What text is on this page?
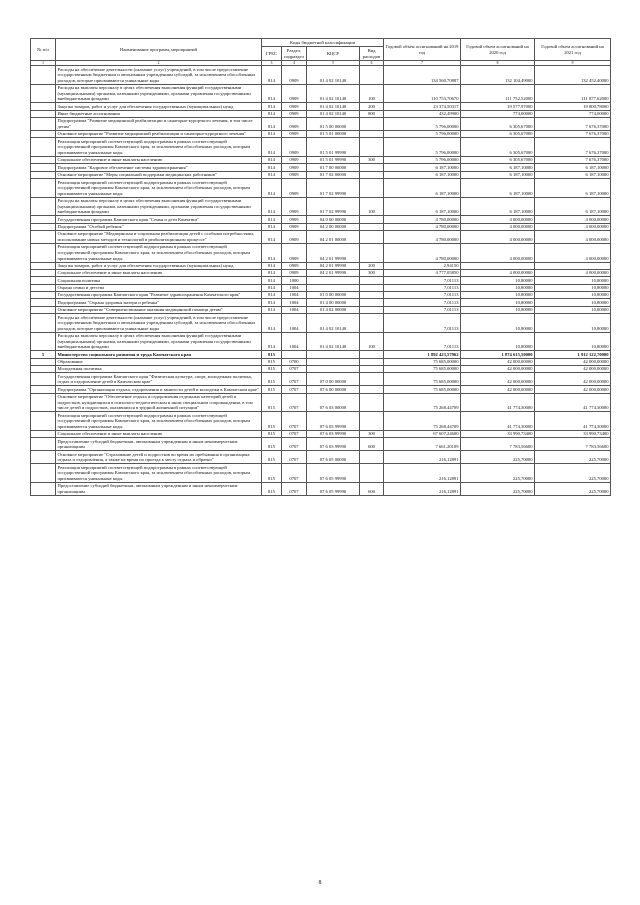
№ п/п	Наименование программ, мероприятий	Коды бюджетной классификации				Годовой объем ассигнований на 2019 год	Годовой объем ассигнований на 2020 год	Годовой объем ассигнований на 2021 год
		ГРБС	Раздел, подраздел	КЦСР	Вид расходов			
1	2	3	4	5	6	7	8	9
	Расходы на обеспечение деятельности (оказание услуг) учреждений, в том числе предоставление государственным бюджетным и автономным учреждениям субсидий, за исключением обособленных расходов, которые присваиваются уникальные коды	814	0909	01 4 02 10140		134 560,70887	132 104,49000	132 452,40000
	Расходы на выплаты персоналу в целях обеспечения выполнения функций государственными (муниципальными) органами, казенными учреждениями, органами управления государственными внебюджетными фондами	814	0909	01 4 02 10140	100	110 753,70670	111 752,52000	111 877,62000
	Закупка товаров, работ и услуг для обеспечения государственных (муниципальных) нужд	814	0909	01 4 02 10140	200	23 374,50317	19 577,97000	19 800,78000
	Иные бюджетные ассигнования	814	0909	01 4 02 10140	800	432,49900	774,00000	774,00000
	Подпрограмма "Развитие медицинской реабилитации и санаторно-курортного лечения, в том числе детям"	814	0909	01 5 00 00000		5 796,00000	6 305,67000	7 676,37000
	Основное мероприятие "Развитие медицинской реабилитации и санаторно-курортного лечения"	814	0909	01 5 01 00000		5 796,00000	6 305,67000	7 676,37000
	Реализация мероприятий соответствующей подпрограммы в рамках соответствующей государственной программы Камчатского края, за исключением обособленных расходов, которым присваиваются уникальные коды	814	0909	01 5 01 99990		5 796,00000	6 305,67000	7 676,37000
	Социальное обеспечение и иные выплаты населению	814	0909	01 5 01 99990	300	5 796,00000	6 305,67000	7 676,37000
	Подпрограмма "Кадровое обеспечение системы здравоохранения"	814	0909	01 7 00 00000		6 187,10000	6 187,10000	6 187,10000
	Основное мероприятие "Меры социальной поддержки медицинских работников"	814	0909	01 7 02 00000		6 187,10000	6 187,10000	6 187,10000
	Реализация мероприятий соответствующей подпрограммы в рамках соответствующей государственной программы Камчатского края, за исключением обособленных расходов, которым присваиваются уникальные коды	814	0909	01 7 02 99990		6 187,10000	6 187,10000	6 187,10000
	Расходы на выплаты персоналу в целях обеспечения выполнения функций государственными (муниципальными) органами, казенными учреждениями, органами управления государственными внебюджетными фондами	814	0909	01 7 02 99990	100	6 187,10000	6 187,10000	6 187,10000
	Государственная программа Камчатского края "Семья и дети Камчатки"	814	0909	04 0 00 00000		4 780,00000	4 000,00000	4 000,00000
	Подпрограмма "Особый ребенок"	814	0909	04 2 00 00000		4 780,00000	4 000,00000	4 000,00000
	Основное мероприятие "Медицинская и социальная реабилитация детей с особыми потребностями, использование новых методов и технологий в реабилитационном процессе"	814	0909	04 2 01 00000		4 780,00000	4 000,00000	4 000,00000
	Реализация мероприятий соответствующей подпрограммы в рамках соответствующей государственной программы Камчатского края, за исключением обособленных расходов, которым присваиваются уникальные коды	814	0909	04 2 01 99990		4 780,00000	4 000,00000	4 000,00000
	Закупка товаров, работ и услуг для обеспечения государственных (муниципальных) нужд	814	0909	04 2 01 99990	200	2,94150		
	Социальное обеспечение и иные выплаты населению	814	0909	04 2 01 99990	300	4 777,05850	4 000,00000	4 000,00000
	Социальная политика	814	1000			7,01113	10,80000	10,80000
	Охрана семьи и детства	814	1004			7,01113	10,80000	10,80000
	Государственная программа Камчатского края "Развитие здравоохранения Камчатского края"	814	1004	01 0 00 00000		7,01113	10,80000	10,80000
	Подпрограмма "Охрана здоровья матери и ребенка"	814	1004	01 4 00 00000		7,01113	10,80000	10,80000
	Основное мероприятие "Совершенствование оказания медицинской помощи детям"	814	1004	01 4 02 00000		7,01113	10,80000	10,80000
	Расходы на обеспечение деятельности (оказание услуг) учреждений, в том числе предоставление государственным бюджетным и автономным учреждениям субсидий, за исключением обособленных расходов, которые присваиваются уникальные коды	814	1004	01 4 02 10140		7,01113	10,80000	10,80000
	Расходы на выплаты персоналу в целях обеспечения выполнения функций государственными (муниципальными) органами, казенными учреждениями, органами управления государственными внебюджетными фондами	814	1004	01 4 02 10140	100	7,01113	10,80000	10,80000
5	Министерство социального развития и труда Камчатского края	815				1 892 423,57962	1 874 615,50000	1 912 122,70000
	Образование	815	0700			75 685,00000	42 000,00000	42 000,00000
	Молодежная политика	815	0707			75 685,00000	42 000,00000	42 000,00000
	Государственная программа Камчатского края "Физическая культура, спорт, молодежная политика, отдых и оздоровление детей в Камчатском крае"	815	0707	07 0 00 00000		75 685,00000	42 000,00000	42 000,00000
	Подпрограмма "Организация отдыха, оздоровления и занятости детей и молодежи в Камчатском крае"	815	0707	07 6 00 00000		75 685,00000	42 000,00000	42 000,00000
	Основное мероприятие "Обеспечение отдыха и оздоровления отдельных категорий детей и подростков, нуждающихся в психолого-педагогическом и ином специальном сопровождении, в том числе детей и подростков, оказавшихся в трудной жизненной ситуации"	815	0707	07 6 03 00000		75 268,44709	41 774,30000	41 774,30000
	Реализация мероприятий соответствующей подпрограммы в рамках соответствующей государственной программы Камчатского края, за исключением обособленных расходов, которым присваиваются уникальные коды	815	0707	07 6 03 99990		75 268,44709	41 774,30000	41 774,30000
	Социальное обеспечение и иные выплаты населению	815	0707	07 6 03 99990	300	67 607,24600	33 990,73400	33 990,73400
	Предоставление субсидий бюджетным, автономным учреждениям и иным некоммерческим организациям	815	0707	07 6 03 99990	600	7 661,20109	7 783,56600	7 783,56600
	Основное мероприятие "Страхование детей и подростков во время их пребывания в организациях отдыха и оздоровления, а также на время их проезда к месту отдыха и обратно"	815	0707	07 6 05 00000		216,12891	225,70000	225,70000
	Реализация мероприятий соответствующей подпрограммы в рамках соответствующей государственной программы Камчатского края, за исключением обособленных расходов, которым присваиваются уникальные коды	815	0707	07 6 05 99990		216,12891	225,70000	225,70000
	Предоставление субсидий бюджетным, автономным учреждениям и иным некоммерческим организациям	815	0707	07 6 05 99990	600	216,12891	225,70000	225,70000
8
